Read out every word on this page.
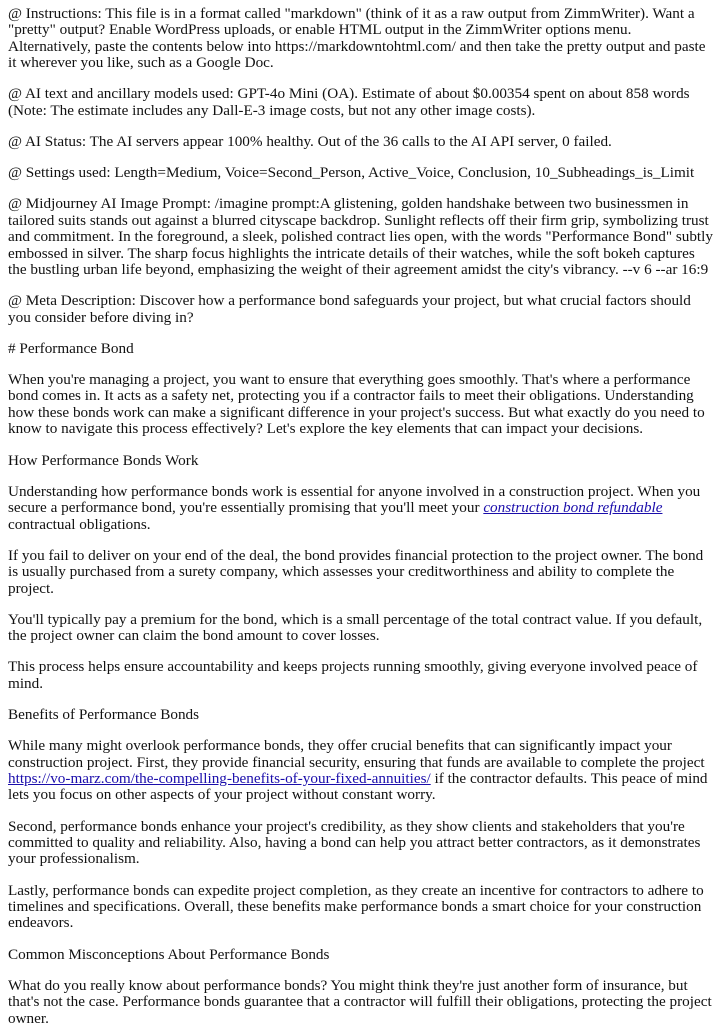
@ Instructions: This file is in a format called "markdown" (think of it as a raw output from ZimmWriter). Want a "pretty" output? Enable WordPress uploads, or enable HTML output in the ZimmWriter options menu. Alternatively, paste the contents below into https://markdowntohtml.com/ and then take the pretty output and paste it wherever you like, such as a Google Doc.

@ AI text and ancillary models used: GPT-4o Mini (OA). Estimate of about $0.00354 spent on about 858 words (Note: The estimate includes any Dall-E-3 image costs, but not any other image costs).

@ AI Status: The AI servers appear 100% healthy. Out of the 36 calls to the AI API server, 0 failed.

@ Settings used: Length=Medium, Voice=Second_Person, Active_Voice, Conclusion, 10_Subheadings_is_Limit

@ Midjourney AI Image Prompt: /imagine prompt:A glistening, golden handshake between two businessmen in tailored suits stands out against a blurred cityscape backdrop. Sunlight reflects off their firm grip, symbolizing trust and commitment. In the foreground, a sleek, polished contract lies open, with the words "Performance Bond" subtly embossed in silver. The sharp focus highlights the intricate details of their watches, while the soft bokeh captures the bustling urban life beyond, emphasizing the weight of their agreement amidst the city's vibrancy. --v 6 --ar 16:9

@ Meta Description: Discover how a performance bond safeguards your project, but what crucial factors should you consider before diving in?

# Performance Bond

When you're managing a project, you want to ensure that everything goes smoothly. That's where a performance bond comes in. It acts as a safety net, protecting you if a contractor fails to meet their obligations. Understanding how these bonds work can make a significant difference in your project's success. But what exactly do you need to know to navigate this process effectively? Let's explore the key elements that can impact your decisions.

How Performance Bonds Work

Understanding how performance bonds work is essential for anyone involved in a construction project. When you secure a performance bond, you're essentially promising that you'll meet your construction bond refundable contractual obligations.

If you fail to deliver on your end of the deal, the bond provides financial protection to the project owner. The bond is usually purchased from a surety company, which assesses your creditworthiness and ability to complete the project.

You'll typically pay a premium for the bond, which is a small percentage of the total contract value. If you default, the project owner can claim the bond amount to cover losses.

This process helps ensure accountability and keeps projects running smoothly, giving everyone involved peace of mind.

Benefits of Performance Bonds

While many might overlook performance bonds, they offer crucial benefits that can significantly impact your construction project. First, they provide financial security, ensuring that funds are available to complete the project https://vo-marz.com/the-compelling-benefits-of-your-fixed-annuities/ if the contractor defaults. This peace of mind lets you focus on other aspects of your project without constant worry.

Second, performance bonds enhance your project's credibility, as they show clients and stakeholders that you're committed to quality and reliability. Also, having a bond can help you attract better contractors, as it demonstrates your professionalism.

Lastly, performance bonds can expedite project completion, as they create an incentive for contractors to adhere to timelines and specifications. Overall, these benefits make performance bonds a smart choice for your construction endeavors.

Common Misconceptions About Performance Bonds

What do you really know about performance bonds? You might think they're just another form of insurance, but that's not the case. Performance bonds guarantee that a contractor will fulfill their obligations, protecting the project owner.
